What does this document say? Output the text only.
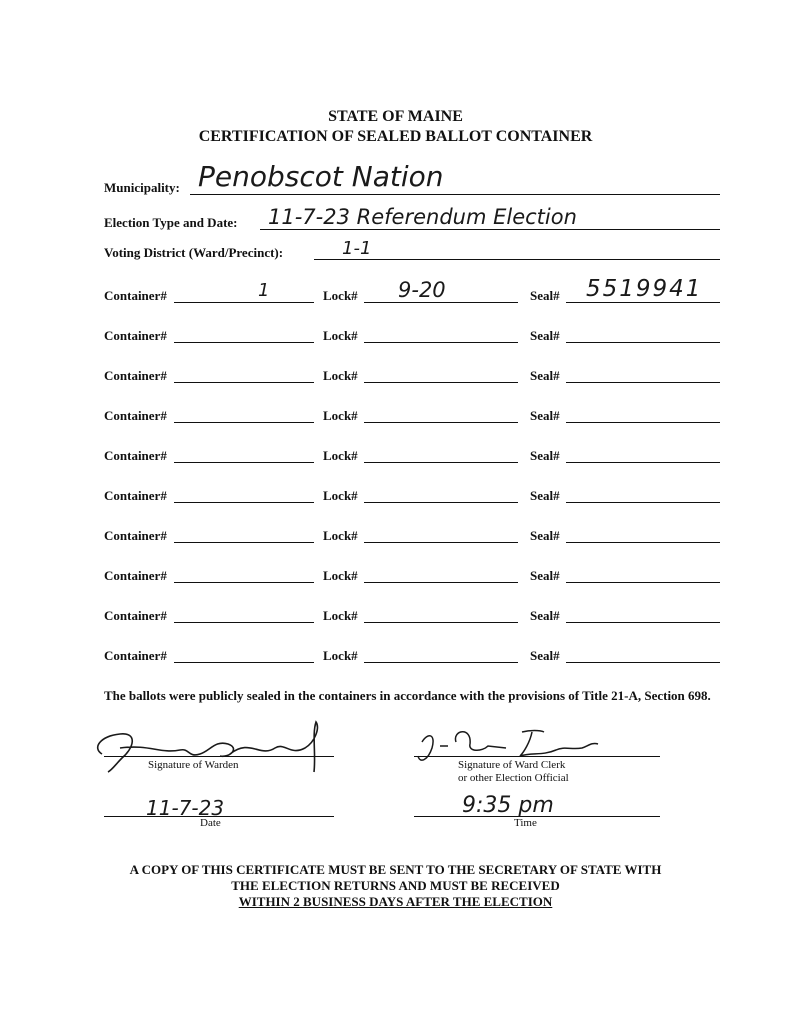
STATE OF MAINE
CERTIFICATION OF SEALED BALLOT CONTAINER
Municipality: Penobscot Nation
Election Type and Date: 11-7-23 Referendum Election
Voting District (Ward/Precinct):	1-1
Container#	1	Lock# 9-20	Seal# 5519941
Container#	Lock#	Seal#
Container#	Lock#	Seal#
Container#	Lock#	Seal#
Container#	Lock#	Seal#
Container#	Lock#	Seal#
Container#	Lock#	Seal#
Container#	Lock#	Seal#
Container#	Lock#	Seal#
Container#	Lock#	Seal#
The ballots were publicly sealed in the containers in accordance with the provisions of Title 21-A, Section 698.
Signature of Warden	Signature of Ward Clerk
or other Election Official
11-7-23
Date
9:35 pm
Time
A COPY OF THIS CERTIFICATE MUST BE SENT TO THE SECRETARY OF STATE WITH
THE ELECTION RETURNS AND MUST BE RECEIVED
WITHIN 2 BUSINESS DAYS AFTER THE ELECTION
